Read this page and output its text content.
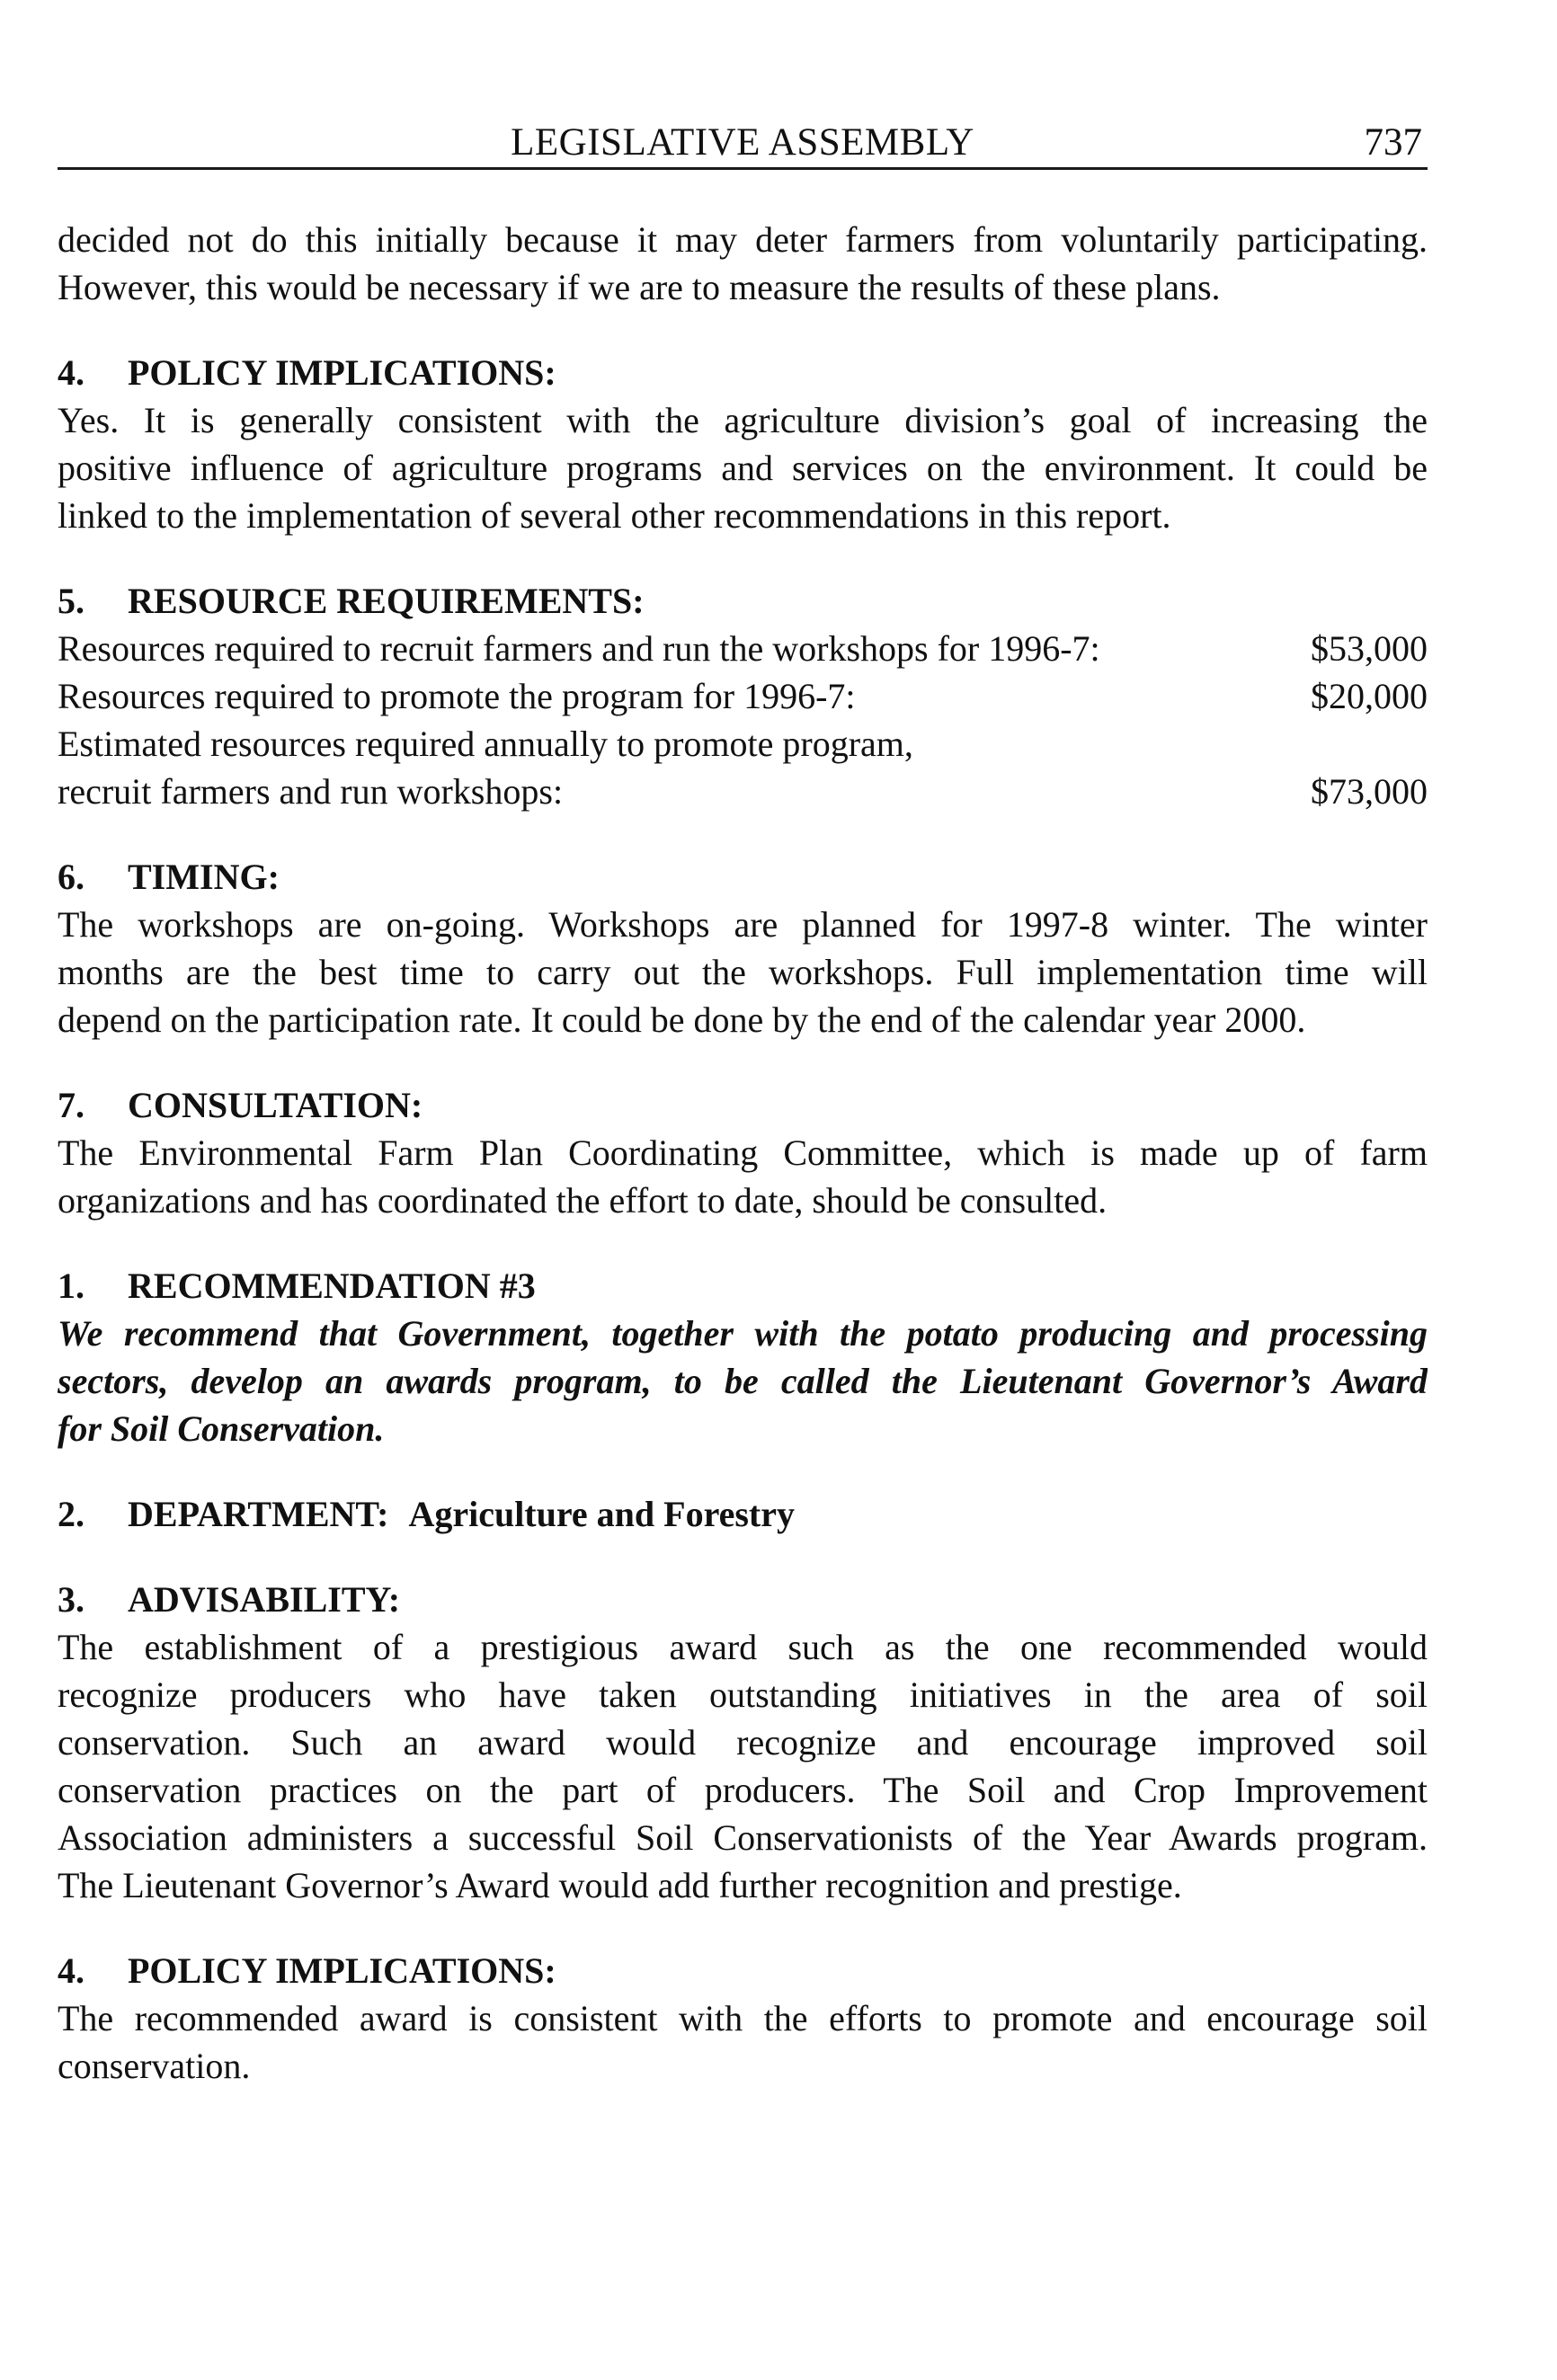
LEGISLATIVE ASSEMBLY	737
decided not do this initially because it may deter farmers from voluntarily participating.
However, this would be necessary if we are to measure the results of these plans.
4. POLICY IMPLICATIONS:
Yes. It is generally consistent with the agriculture division’s goal of increasing the
positive influence of agriculture programs and services on the environment. It could be
linked to the implementation of several other recommendations in this report.
5. RESOURCE REQUIREMENTS:
Resources required to recruit farmers and run the workshops for 1996-7:	$53,000
Resources required to promote the program for 1996-7:	$20,000
Estimated resources required annually to promote program,
recruit farmers and run workshops:	$73,000
6. TIMING:
The workshops are on-going. Workshops are planned for 1997-8 winter. The winter
months are the best time to carry out the workshops. Full implementation time will
depend on the participation rate. It could be done by the end of the calendar year 2000.
7. CONSULTATION:
The Environmental Farm Plan Coordinating Committee, which is made up of farm
organizations and has coordinated the effort to date, should be consulted.
1. RECOMMENDATION #3
We recommend that Government, together with the potato producing and processing
sectors, develop an awards program, to be called the Lieutenant Governor’s Award
for Soil Conservation.
2. DEPARTMENT: Agriculture and Forestry
3. ADVISABILITY:
The establishment of a prestigious award such as the one recommended would
recognize producers who have taken outstanding initiatives in the area of soil
conservation. Such an award would recognize and encourage improved soil
conservation practices on the part of producers. The Soil and Crop Improvement
Association administers a successful Soil Conservationists of the Year Awards program.
The Lieutenant Governor’s Award would add further recognition and prestige.
4. POLICY IMPLICATIONS:
The recommended award is consistent with the efforts to promote and encourage soil
conservation.
